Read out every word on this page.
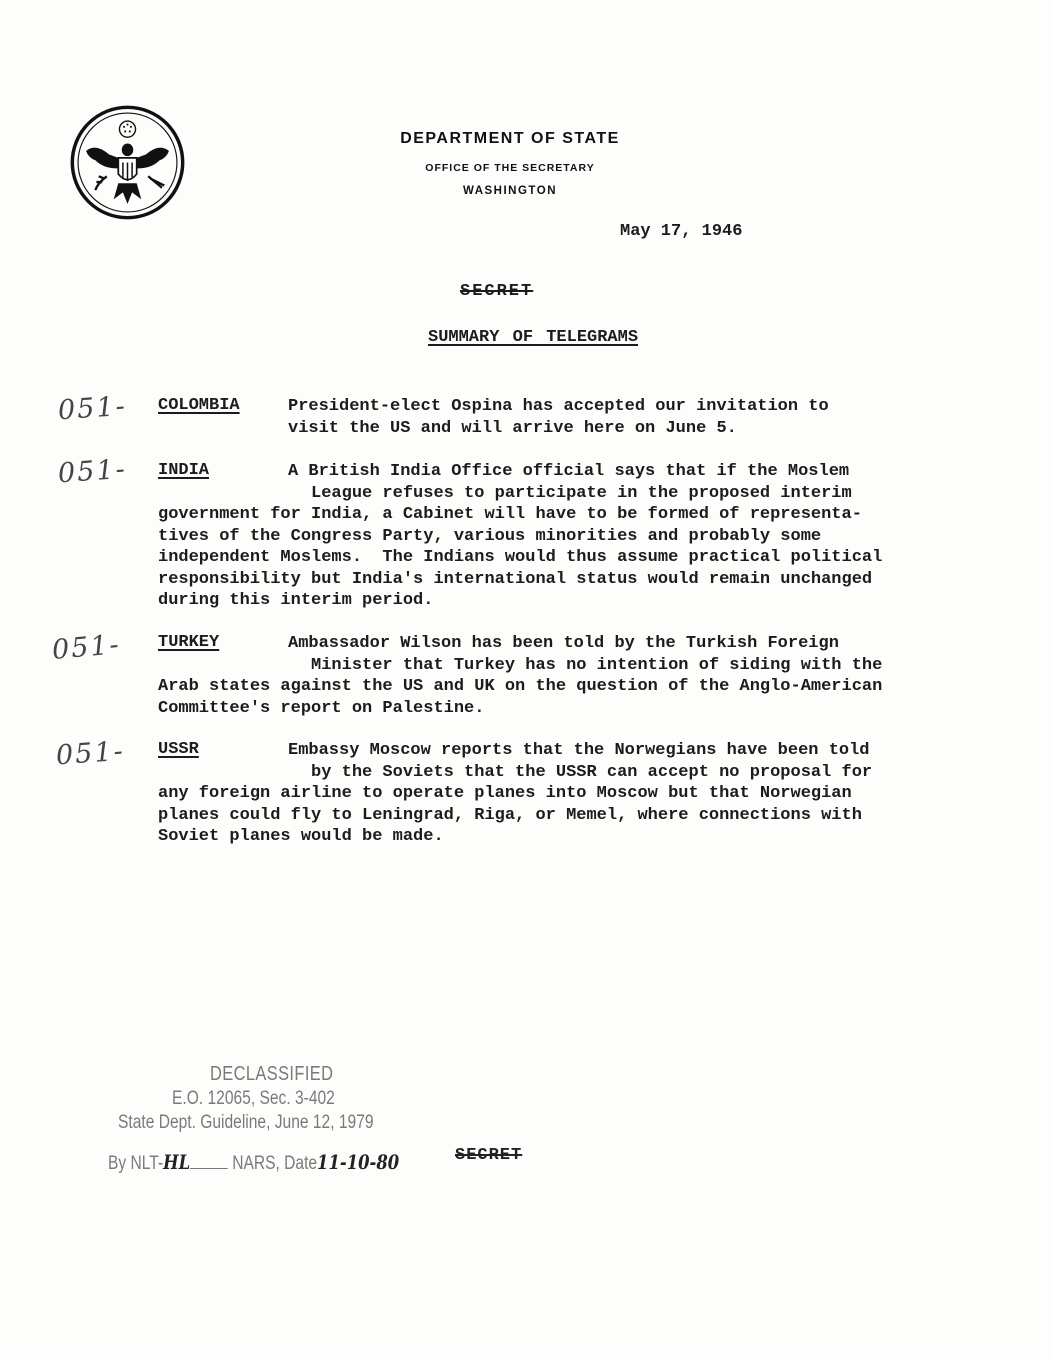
DEPARTMENT OF STATE
OFFICE OF THE SECRETARY
WASHINGTON
May 17, 1946
SECRET
SUMMARY OF TELEGRAMS
051- COLOMBIA	President-elect Ospina has accepted our invitation to
visit the US and will arrive here on June 5.
051- INDIA	A British India Office official says that if the Moslem
League refuses to participate in the proposed interim
government for India, a Cabinet will have to be formed of representa-
tives of the Congress Party, various minorities and probably some
independent Moslems.  The Indians would thus assume practical political
responsibility but India's international status would remain unchanged
during this interim period.
051- TURKEY	Ambassador Wilson has been told by the Turkish Foreign
Minister that Turkey has no intention of siding with the
Arab states against the US and UK on the question of the Anglo-American
Committee's report on Palestine.
051- USSR	Embassy Moscow reports that the Norwegians have been told
by the Soviets that the USSR can accept no proposal for
any foreign airline to operate planes into Moscow but that Norwegian
planes could fly to Leningrad, Riga, or Memel, where connections with
Soviet planes would be made.
DECLASSIFIED
E.O. 12065, Sec. 3-402
State Dept. Guideline, June 12, 1979
By NLT-HL NARS, Date11-10-80	SECRET
